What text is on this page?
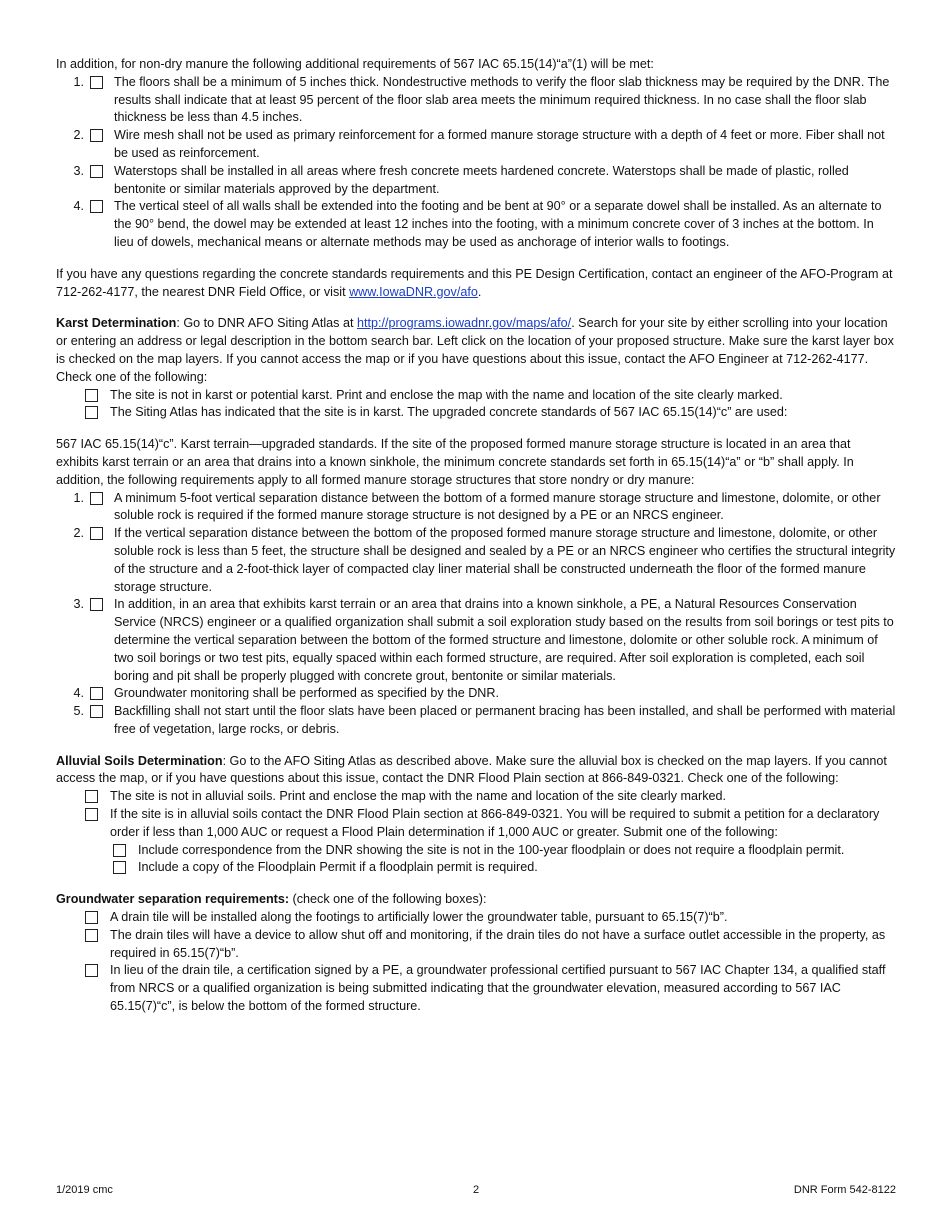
In addition, for non-dry manure the following additional requirements of 567 IAC 65.15(14)“a”(1) will be met:

1.	The floors shall be a minimum of 5 inches thick. Nondestructive methods to verify the floor slab thickness may be required by the DNR. The results shall indicate that at least 95 percent of the floor slab area meets the minimum required thickness. In no case shall the floor slab thickness be less than 4.5 inches.
2.	Wire mesh shall not be used as primary reinforcement for a formed manure storage structure with a depth of 4 feet or more. Fiber shall not be used as reinforcement.
3.	Waterstops shall be installed in all areas where fresh concrete meets hardened concrete. Waterstops shall be made of plastic, rolled bentonite or similar materials approved by the department.
4.	The vertical steel of all walls shall be extended into the footing and be bent at 90° or a separate dowel shall be installed. As an alternate to the 90° bend, the dowel may be extended at least 12 inches into the footing, with a minimum concrete cover of 3 inches at the bottom. In lieu of dowels, mechanical means or alternate methods may be used as anchorage of interior walls to footings.

If you have any questions regarding the concrete standards requirements and this PE Design Certification, contact an engineer of the AFO-Program at 712-262-4177, the nearest DNR Field Office, or visit www.IowaDNR.gov/afo.

Karst Determination: Go to DNR AFO Siting Atlas at http://programs.iowadnr.gov/maps/afo/. Search for your site by either scrolling into your location or entering an address or legal description in the bottom search bar. Left click on the location of your proposed structure. Make sure the karst layer box is checked on the map layers. If you cannot access the map or if you have questions about this issue, contact the AFO Engineer at 712-262-4177. Check one of the following:

The site is not in karst or potential karst. Print and enclose the map with the name and location of the site clearly marked.
The Siting Atlas has indicated that the site is in karst. The upgraded concrete standards of 567 IAC 65.15(14)“c” are used:

567 IAC 65.15(14)“c”. Karst terrain—upgraded standards. If the site of the proposed formed manure storage structure is located in an area that exhibits karst terrain or an area that drains into a known sinkhole, the minimum concrete standards set forth in 65.15(14)“a” or “b” shall apply. In addition, the following requirements apply to all formed manure storage structures that store nondry or dry manure:

1.	A minimum 5-foot vertical separation distance between the bottom of a formed manure storage structure and limestone, dolomite, or other soluble rock is required if the formed manure storage structure is not designed by a PE or an NRCS engineer.
2.	If the vertical separation distance between the bottom of the proposed formed manure storage structure and limestone, dolomite, or other soluble rock is less than 5 feet, the structure shall be designed and sealed by a PE or an NRCS engineer who certifies the structural integrity of the structure and a 2-foot-thick layer of compacted clay liner material shall be constructed underneath the floor of the formed manure storage structure.
3.	In addition, in an area that exhibits karst terrain or an area that drains into a known sinkhole, a PE, a Natural Resources Conservation Service (NRCS) engineer or a qualified organization shall submit a soil exploration study based on the results from soil borings or test pits to determine the vertical separation between the bottom of the formed structure and limestone, dolomite or other soluble rock. A minimum of two soil borings or two test pits, equally spaced within each formed structure, are required. After soil exploration is completed, each soil boring and pit shall be properly plugged with concrete grout, bentonite or similar materials.
4.	Groundwater monitoring shall be performed as specified by the DNR.
5.	Backfilling shall not start until the floor slats have been placed or permanent bracing has been installed, and shall be performed with material free of vegetation, large rocks, or debris.

Alluvial Soils Determination: Go to the AFO Siting Atlas as described above. Make sure the alluvial box is checked on the map layers. If you cannot access the map, or if you have questions about this issue, contact the DNR Flood Plain section at 866-849-0321. Check one of the following:

The site is not in alluvial soils. Print and enclose the map with the name and location of the site clearly marked.
If the site is in alluvial soils contact the DNR Flood Plain section at 866-849-0321. You will be required to submit a petition for a declaratory order if less than 1,000 AUC or request a Flood Plain determination if 1,000 AUC or greater. Submit one of the following:
Include correspondence from the DNR showing the site is not in the 100-year floodplain or does not require a floodplain permit.
Include a copy of the Floodplain Permit if a floodplain permit is required.

Groundwater separation requirements: (check one of the following boxes):

A drain tile will be installed along the footings to artificially lower the groundwater table, pursuant to 65.15(7)“b”.
The drain tiles will have a device to allow shut off and monitoring, if the drain tiles do not have a surface outlet accessible in the property, as required in 65.15(7)“b”.
In lieu of the drain tile, a certification signed by a PE, a groundwater professional certified pursuant to 567 IAC Chapter 134, a qualified staff from NRCS or a qualified organization is being submitted indicating that the groundwater elevation, measured according to 567 IAC 65.15(7)“c”, is below the bottom of the formed structure.
1/2019 cmc	2	DNR Form 542-8122
